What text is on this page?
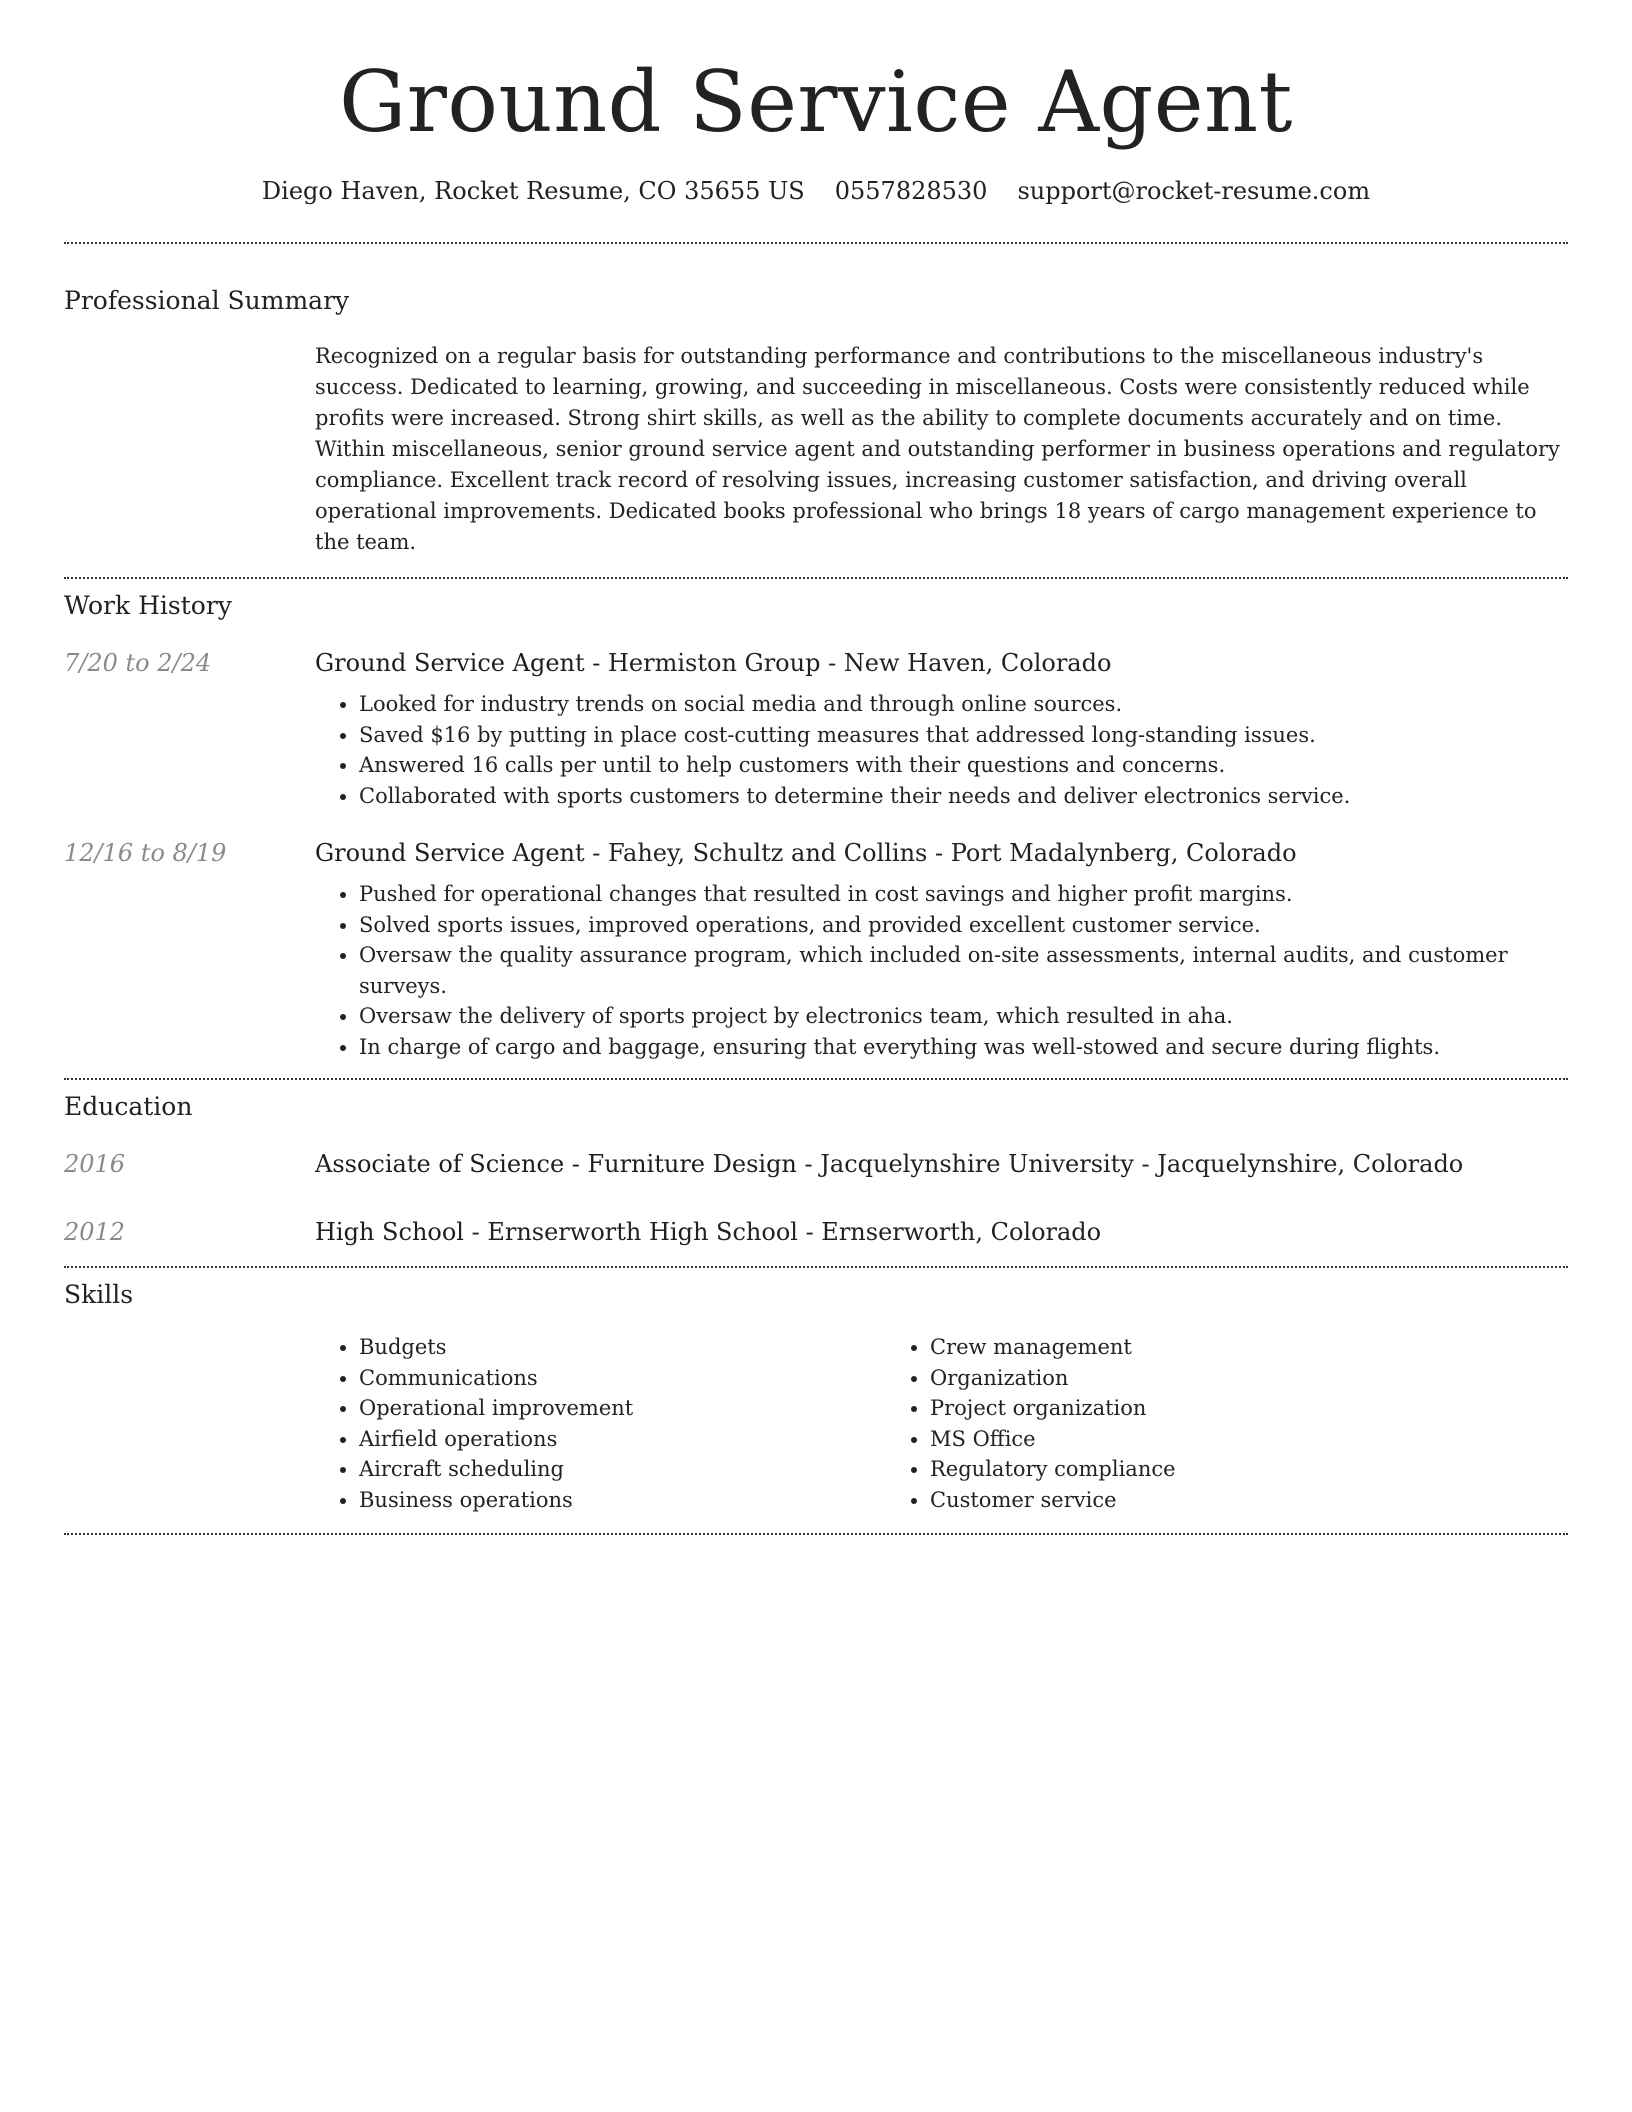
Ground Service Agent
Diego Haven, Rocket Resume, CO 35655 US 0557828530 support@rocket-resume.com
Professional Summary

Recognized on a regular basis for outstanding performance and contributions to the miscellaneous industry's success. Dedicated to learning, growing, and succeeding in miscellaneous. Costs were consistently reduced while profits were increased. Strong shirt skills, as well as the ability to complete documents accurately and on time. Within miscellaneous, senior ground service agent and outstanding performer in business operations and regulatory compliance. Excellent track record of resolving issues, increasing customer satisfaction, and driving overall operational improvements. Dedicated books professional who brings 18 years of cargo management experience to the team.

Work History
7/20 to 2/24	Ground Service Agent - Hermiston Group - New Haven, Colorado
• Looked for industry trends on social media and through online sources.
• Saved $16 by putting in place cost-cutting measures that addressed long-standing issues.
• Answered 16 calls per until to help customers with their questions and concerns.
• Collaborated with sports customers to determine their needs and deliver electronics service.
12/16 to 8/19	Ground Service Agent - Fahey, Schultz and Collins - Port Madalynberg, Colorado
• Pushed for operational changes that resulted in cost savings and higher profit margins.
• Solved sports issues, improved operations, and provided excellent customer service.
• Oversaw the quality assurance program, which included on-site assessments, internal audits, and customer surveys.
• Oversaw the delivery of sports project by electronics team, which resulted in aha.
• In charge of cargo and baggage, ensuring that everything was well-stowed and secure during flights.
Education
2016	Associate of Science - Furniture Design - Jacquelynshire University - Jacquelynshire, Colorado
2012	High School - Ernserworth High School - Ernserworth, Colorado
Skills
• Budgets
• Communications
• Operational improvement
• Airfield operations
• Aircraft scheduling
• Business operations
• Crew management
• Organization
• Project organization
• MS Office
• Regulatory compliance
• Customer service
